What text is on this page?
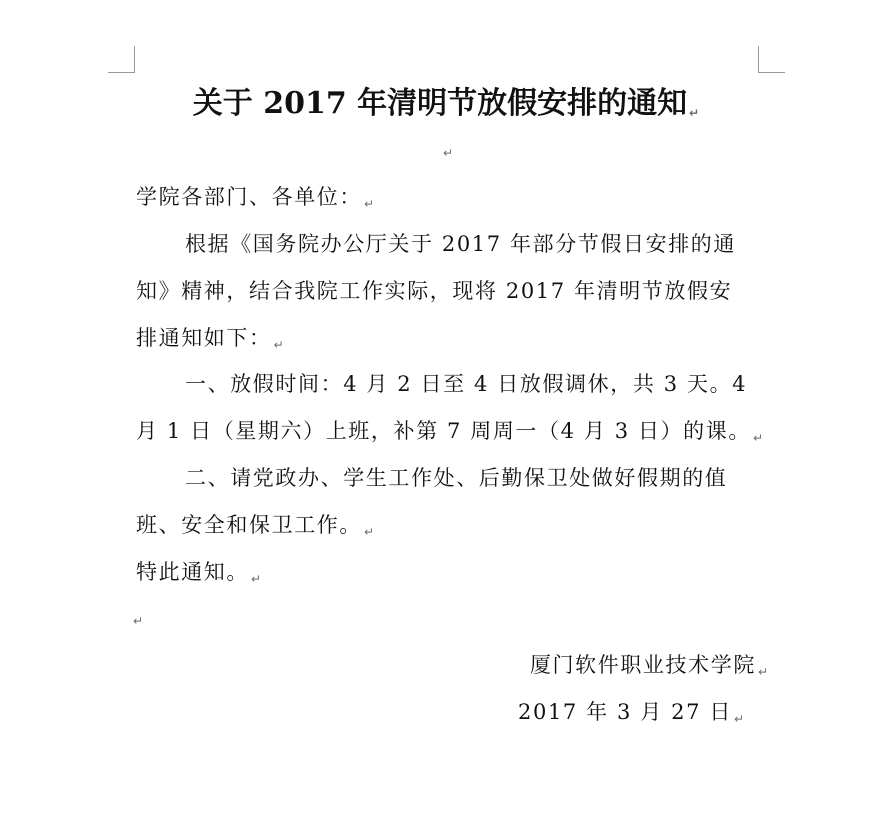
关于 2017 年清明节放假安排的通知 ↵
↵
学院各部门、各单位： ↵
根据《国务院办公厅关于 2017 年部分节假日安排的通
知》精神，结合我院工作实际，现将 2017 年清明节放假安
排通知如下： ↵
一、放假时间：4 月 2 日至 4 日放假调休，共 3 天。4
月 1 日（星期六）上班，补第 7 周周一（4 月 3 日）的课。 ↵
二、请党政办、学生工作处、后勤保卫处做好假期的值
班、安全和保卫工作。 ↵
特此通知。 ↵
↵
厦门软件职业技术学院 ↵
2017 年 3 月 27 日 ↵
